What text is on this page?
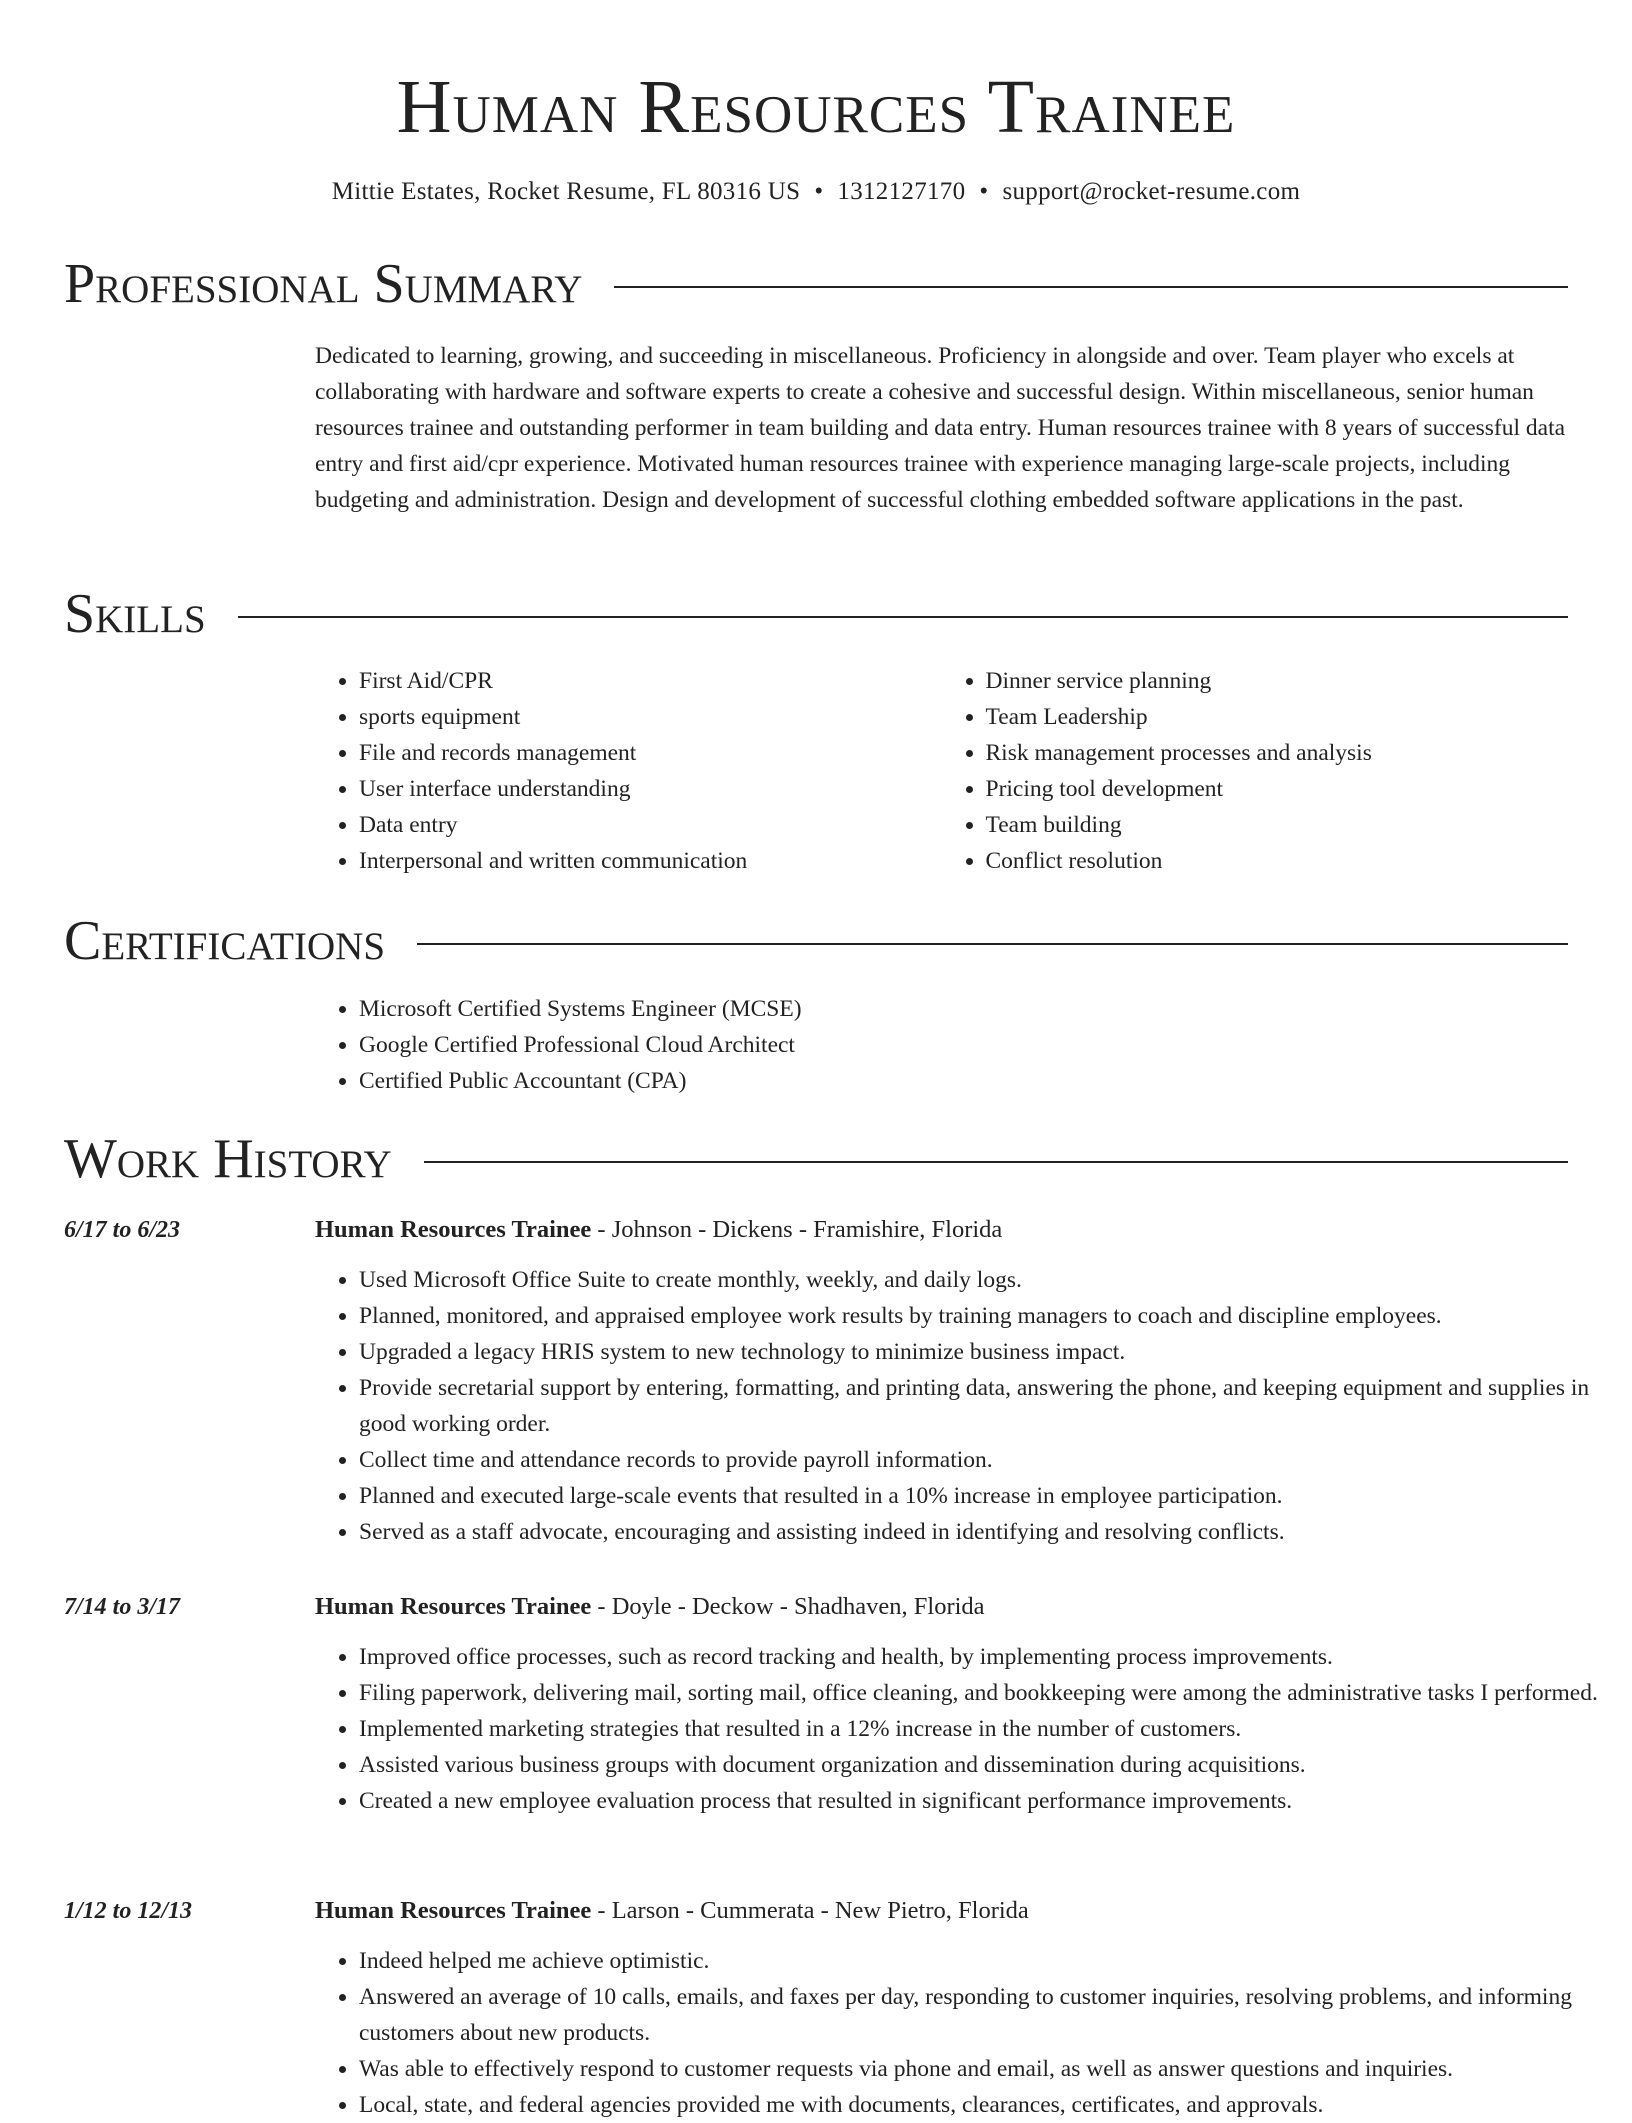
Human Resources Trainee
Mittie Estates, Rocket Resume, FL 80316 US • 1312127170 • support@rocket-resume.com
Professional Summary

Dedicated to learning, growing, and succeeding in miscellaneous. Proficiency in alongside and over. Team player who excels at collaborating with hardware and software experts to create a cohesive and successful design. Within miscellaneous, senior human resources trainee and outstanding performer in team building and data entry. Human resources trainee with 8 years of successful data entry and first aid/cpr experience. Motivated human resources trainee with experience managing large-scale projects, including budgeting and administration. Design and development of successful clothing embedded software applications in the past.

Skills
• First Aid/CPR
• sports equipment
• File and records management
• User interface understanding
• Data entry
• Interpersonal and written communication
• Dinner service planning
• Team Leadership
• Risk management processes and analysis
• Pricing tool development
• Team building
• Conflict resolution
Certifications
• Microsoft Certified Systems Engineer (MCSE)
• Google Certified Professional Cloud Architect
• Certified Public Accountant (CPA)
Work History
6/17 to 6/23	Human Resources Trainee - Johnson - Dickens - Framishire, Florida
• Used Microsoft Office Suite to create monthly, weekly, and daily logs.
• Planned, monitored, and appraised employee work results by training managers to coach and discipline employees.
• Upgraded a legacy HRIS system to new technology to minimize business impact.
• Provide secretarial support by entering, formatting, and printing data, answering the phone, and keeping equipment and supplies in good working order.
• Collect time and attendance records to provide payroll information.
• Planned and executed large-scale events that resulted in a 10% increase in employee participation.
• Served as a staff advocate, encouraging and assisting indeed in identifying and resolving conflicts.
7/14 to 3/17	Human Resources Trainee - Doyle - Deckow - Shadhaven, Florida
• Improved office processes, such as record tracking and health, by implementing process improvements.
• Filing paperwork, delivering mail, sorting mail, office cleaning, and bookkeeping were among the administrative tasks I performed.
• Implemented marketing strategies that resulted in a 12% increase in the number of customers.
• Assisted various business groups with document organization and dissemination during acquisitions.
• Created a new employee evaluation process that resulted in significant performance improvements.
1/12 to 12/13	Human Resources Trainee - Larson - Cummerata - New Pietro, Florida
• Indeed helped me achieve optimistic.
• Answered an average of 10 calls, emails, and faxes per day, responding to customer inquiries, resolving problems, and informing customers about new products.
• Was able to effectively respond to customer requests via phone and email, as well as answer questions and inquiries.
• Local, state, and federal agencies provided me with documents, clearances, certificates, and approvals.
